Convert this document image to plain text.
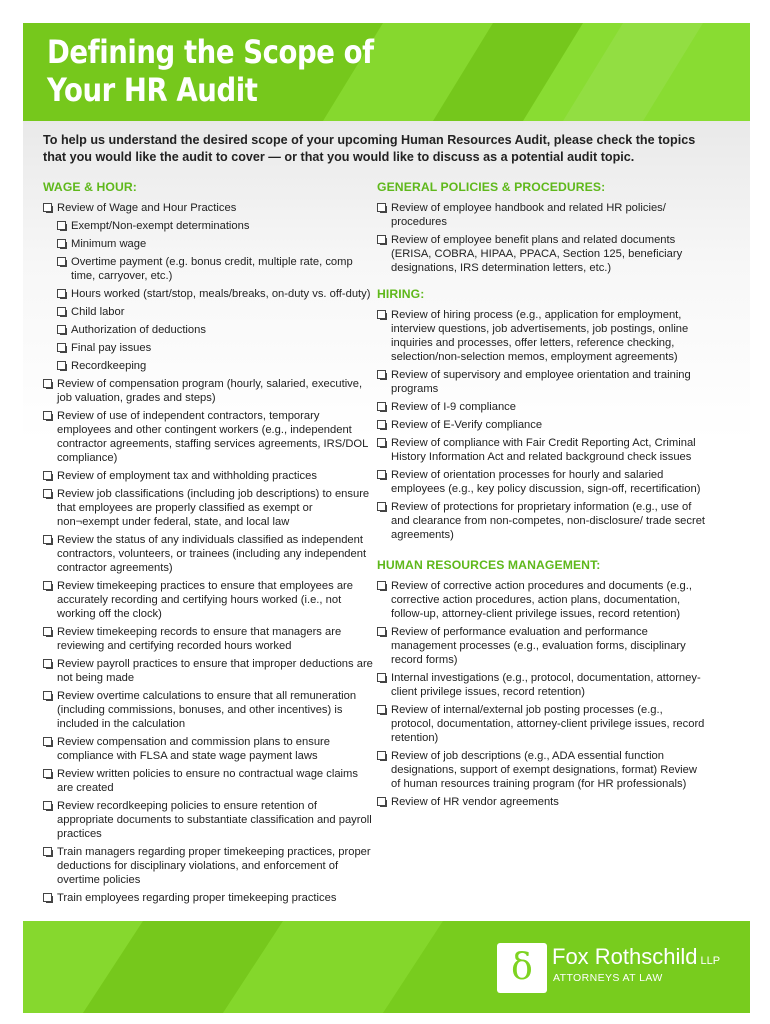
Defining the Scope of
Your HR Audit
To help us understand the desired scope of your upcoming Human Resources Audit, please check the topics that you would like the audit to cover — or that you would like to discuss as a potential audit topic.
WAGE & HOUR:
Review of Wage and Hour Practices
Exempt/Non-exempt determinations
Minimum wage
Overtime payment (e.g. bonus credit, multiple rate, comp time, carryover, etc.)
Hours worked (start/stop, meals/breaks, on-duty vs. off-duty)
Child labor
Authorization of deductions
Final pay issues
Recordkeeping
Review of compensation program (hourly, salaried, executive, job valuation, grades and steps)
Review of use of independent contractors, temporary employees and other contingent workers (e.g., independent contractor agreements, staffing services agreements, IRS/DOL compliance)
Review of employment tax and withholding practices
Review job classifications (including job descriptions) to ensure that employees are properly classified as exempt or non¬exempt under federal, state, and local law
Review the status of any individuals classified as independent contractors, volunteers, or trainees (including any independent contractor agreements)
Review timekeeping practices to ensure that employees are accurately recording and certifying hours worked (i.e., not working off the clock)
Review timekeeping records to ensure that managers are reviewing and certifying recorded hours worked
Review payroll practices to ensure that improper deductions are not being made
Review overtime calculations to ensure that all remuneration (including commissions, bonuses, and other incentives) is included in the calculation
Review compensation and commission plans to ensure compliance with FLSA and state wage payment laws
Review written policies to ensure no contractual wage claims are created
Review recordkeeping policies to ensure retention of appropriate documents to substantiate classification and payroll practices
Train managers regarding proper timekeeping practices, proper deductions for disciplinary violations, and enforcement of overtime policies
Train employees regarding proper timekeeping practices
GENERAL POLICIES & PROCEDURES:
Review of employee handbook and related HR policies/ procedures
Review of employee benefit plans and related documents (ERISA, COBRA, HIPAA, PPACA, Section 125, beneficiary designations, IRS determination letters, etc.)
HIRING:
Review of hiring process (e.g., application for employment, interview questions, job advertisements, job postings, online inquiries and processes, offer letters, reference checking, selection/non-selection memos, employment agreements)
Review of supervisory and employee orientation and training programs
Review of I-9 compliance
Review of E-Verify compliance
Review of compliance with Fair Credit Reporting Act, Criminal History Information Act and related background check issues
Review of orientation processes for hourly and salaried employees (e.g., key policy discussion, sign-off, recertification)
Review of protections for proprietary information (e.g., use of and clearance from non-competes, non-disclosure/ trade secret agreements)
HUMAN RESOURCES MANAGEMENT:
Review of corrective action procedures and documents (e.g., corrective action procedures, action plans, documentation, follow-up, attorney-client privilege issues, record retention)
Review of performance evaluation and performance management processes (e.g., evaluation forms, disciplinary record forms)
Internal investigations (e.g., protocol, documentation, attorney-client privilege issues, record retention)
Review of internal/external job posting processes (e.g., protocol, documentation, attorney-client privilege issues, record retention)
Review of job descriptions (e.g., ADA essential function designations, support of exempt designations, format) Review of human resources training program (for HR professionals)
Review of HR vendor agreements
δ Fox Rothschild LLP
ATTORNEYS AT LAW
